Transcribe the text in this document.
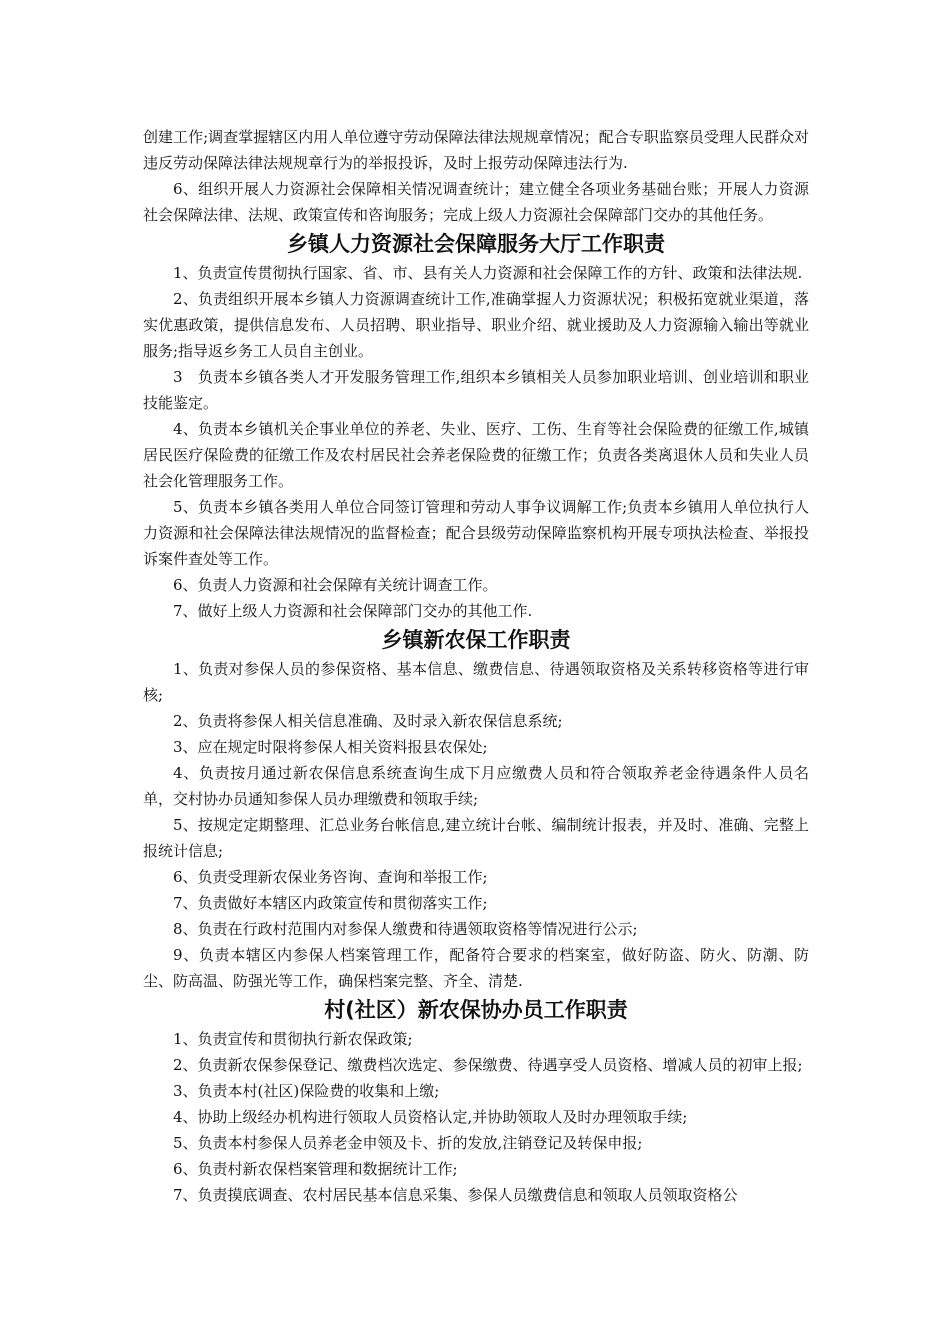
创建工作;调查掌握辖区内用人单位遵守劳动保障法律法规规章情况；配合专职监察员受理人民群众对违反劳动保障法律法规规章行为的举报投诉，及时上报劳动保障违法行为.

6、组织开展人力资源社会保障相关情况调查统计；建立健全各项业务基础台账；开展人力资源社会保障法律、法规、政策宣传和咨询服务；完成上级人力资源社会保障部门交办的其他任务。

乡镇人力资源社会保障服务大厅工作职责

1、负责宣传贯彻执行国家、省、市、县有关人力资源和社会保障工作的方针、政策和法律法规.

2、负责组织开展本乡镇人力资源调查统计工作,准确掌握人力资源状况；积极拓宽就业渠道，落实优惠政策，提供信息发布、人员招聘、职业指导、职业介绍、就业援助及人力资源输入输出等就业服务;指导返乡务工人员自主创业。

3　负责本乡镇各类人才开发服务管理工作,组织本乡镇相关人员参加职业培训、创业培训和职业技能鉴定。

4、负责本乡镇机关企事业单位的养老、失业、医疗、工伤、生育等社会保险费的征缴工作,城镇居民医疗保险费的征缴工作及农村居民社会养老保险费的征缴工作；负责各类离退休人员和失业人员社会化管理服务工作。

5、负责本乡镇各类用人单位合同签订管理和劳动人事争议调解工作;负责本乡镇用人单位执行人力资源和社会保障法律法规情况的监督检查；配合县级劳动保障监察机构开展专项执法检查、举报投诉案件查处等工作。

6、负责人力资源和社会保障有关统计调查工作。

7、做好上级人力资源和社会保障部门交办的其他工作.

乡镇新农保工作职责

1、负责对参保人员的参保资格、基本信息、缴费信息、待遇领取资格及关系转移资格等进行审核;

2、负责将参保人相关信息准确、及时录入新农保信息系统;

3、应在规定时限将参保人相关资料报县农保处;

4、负责按月通过新农保信息系统查询生成下月应缴费人员和符合领取养老金待遇条件人员名单，交村协办员通知参保人员办理缴费和领取手续;

5、按规定定期整理、汇总业务台帐信息,建立统计台帐、编制统计报表，并及时、准确、完整上报统计信息;

6、负责受理新农保业务咨询、查询和举报工作;

7、负责做好本辖区内政策宣传和贯彻落实工作;

8、负责在行政村范围内对参保人缴费和待遇领取资格等情况进行公示;

9、负责本辖区内参保人档案管理工作，配备符合要求的档案室，做好防盗、防火、防潮、防尘、防高温、防强光等工作，确保档案完整、齐全、清楚.

村(社区）新农保协办员工作职责

1、负责宣传和贯彻执行新农保政策;

2、负责新农保参保登记、缴费档次选定、参保缴费、待遇享受人员资格、增减人员的初审上报;

3、负责本村(社区)保险费的收集和上缴;

4、协助上级经办机构进行领取人员资格认定,并协助领取人及时办理领取手续;

5、负责本村参保人员养老金申领及卡、折的发放,注销登记及转保申报;

6、负责村新农保档案管理和数据统计工作;

7、负责摸底调查、农村居民基本信息采集、参保人员缴费信息和领取人员领取资格公
